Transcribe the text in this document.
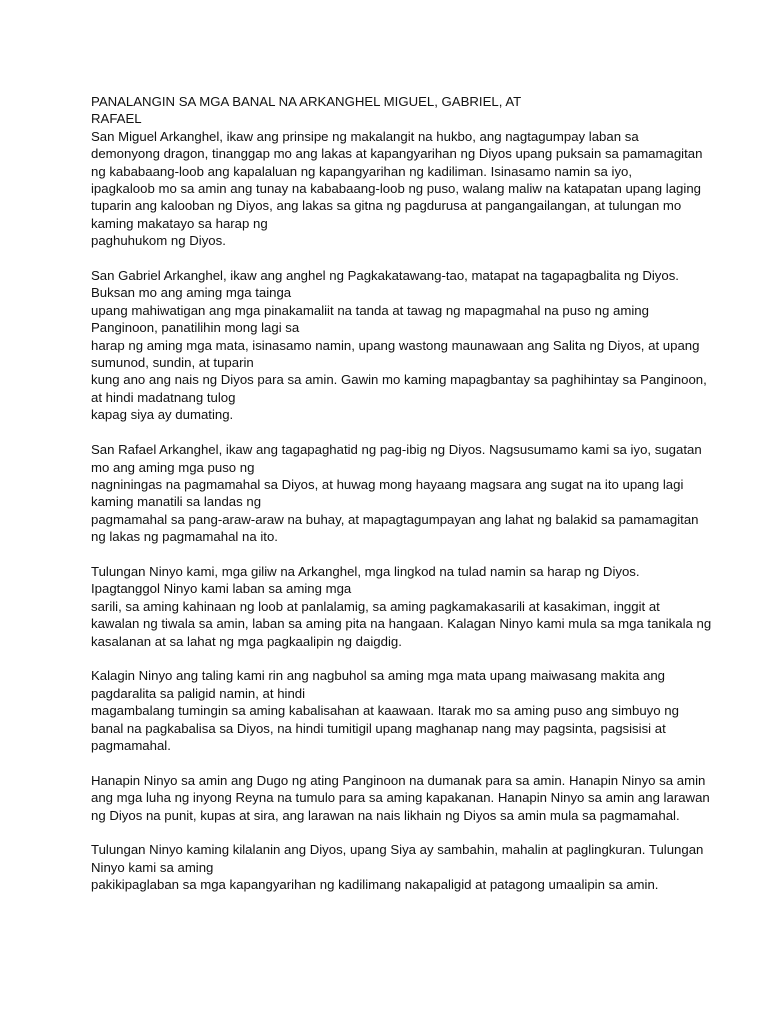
PANALANGIN SA MGA BANAL NA ARKANGHEL MIGUEL, GABRIEL, AT
RAFAEL
San Miguel Arkanghel, ikaw ang prinsipe ng makalangit na hukbo, ang nagtagumpay laban sa
demonyong dragon, tinanggap mo ang lakas at kapangyarihan ng Diyos upang puksain sa pamamagitan
ng kababaang-loob ang kapalaluan ng kapangyarihan ng kadiliman. Isinasamo namin sa iyo,
ipagkaloob mo sa amin ang tunay na kababaang-loob ng puso, walang maliw na katapatan upang laging
tuparin ang kalooban ng Diyos, ang lakas sa gitna ng pagdurusa at pangangailangan, at tulungan mo
kaming makatayo sa harap ng
paghuhukom ng Diyos.
San Gabriel Arkanghel, ikaw ang anghel ng Pagkakatawang-tao, matapat na tagapagbalita ng Diyos.
Buksan mo ang aming mga tainga
upang mahiwatigan ang mga pinakamaliit na tanda at tawag ng mapagmahal na puso ng aming
Panginoon, panatilihin mong lagi sa
harap ng aming mga mata, isinasamo namin, upang wastong maunawaan ang Salita ng Diyos, at upang
sumunod, sundin, at tuparin
kung ano ang nais ng Diyos para sa amin. Gawin mo kaming mapagbantay sa paghihintay sa Panginoon,
at hindi madatnang tulog
kapag siya ay dumating.
San Rafael Arkanghel, ikaw ang tagapaghatid ng pag-ibig ng Diyos. Nagsusumamo kami sa iyo, sugatan
mo ang aming mga puso ng
nagniningas na pagmamahal sa Diyos, at huwag mong hayaang magsara ang sugat na ito upang lagi
kaming manatili sa landas ng
pagmamahal sa pang-araw-araw na buhay, at mapagtagumpayan ang lahat ng balakid sa pamamagitan
ng lakas ng pagmamahal na ito.
Tulungan Ninyo kami, mga giliw na Arkanghel, mga lingkod na tulad namin sa harap ng Diyos.
Ipagtanggol Ninyo kami laban sa aming mga
sarili, sa aming kahinaan ng loob at panlalamig, sa aming pagkamakasarili at kasakiman, inggit at
kawalan ng tiwala sa amin, laban sa aming pita na hangaan. Kalagan Ninyo kami mula sa mga tanikala ng
kasalanan at sa lahat ng mga pagkaalipin ng daigdig.
Kalagin Ninyo ang taling kami rin ang nagbuhol sa aming mga mata upang maiwasang makita ang
pagdaralita sa paligid namin, at hindi
magambalang tumingin sa aming kabalisahan at kaawaan. Itarak mo sa aming puso ang simbuyo ng
banal na pagkabalisa sa Diyos, na hindi tumitigil upang maghanap nang may pagsinta, pagsisisi at
pagmamahal.
Hanapin Ninyo sa amin ang Dugo ng ating Panginoon na dumanak para sa amin. Hanapin Ninyo sa amin
ang mga luha ng inyong Reyna na tumulo para sa aming kapakanan. Hanapin Ninyo sa amin ang larawan
ng Diyos na punit, kupas at sira, ang larawan na nais likhain ng Diyos sa amin mula sa pagmamahal.
Tulungan Ninyo kaming kilalanin ang Diyos, upang Siya ay sambahin, mahalin at paglingkuran. Tulungan
Ninyo kami sa aming
pakikipaglaban sa mga kapangyarihan ng kadilimang nakapaligid at patagong umaalipin sa amin.
